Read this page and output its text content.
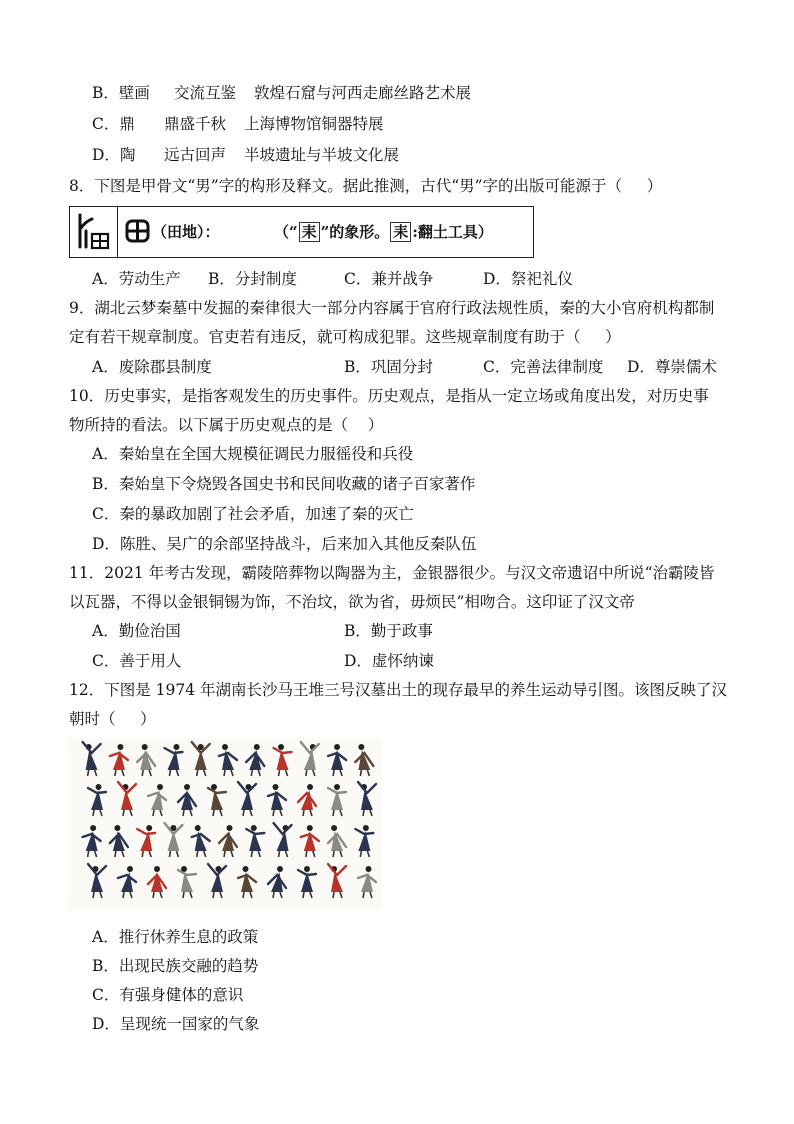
B．壁画 交流互鉴 敦煌石窟与河西走廊丝路艺术展
C．鼎 鼎盛千秋 上海博物馆铜器特展
D．陶 远古回声 半坡遗址与半坡文化展
8．下图是甲骨文“男”字的构形及释文。据此推测，古代“男”字的出版可能源于（     ）
（田地）：	（“ 耒 ”的象形。 耒 :翻土工具）
A．劳动生产 B．分封制度	C．兼并战争	D．祭祀礼仪
9．湖北云梦秦墓中发掘的秦律很大一部分内容属于官府行政法规性质，秦的大小官府机构都制
定有若干规章制度。官吏若有违反，就可构成犯罪。这些规章制度有助于（     ）
A．废除郡县制度	B．巩固分封	C．完善法律制度 D．尊崇儒术
10．历史事实，是指客观发生的历史事件。历史观点，是指从一定立场或角度出发，对历史事
物所持的看法。以下属于历史观点的是（    ）
A．秦始皇在全国大规模征调民力服徭役和兵役
B．秦始皇下令烧毁各国史书和民间收藏的诸子百家著作
C．秦的暴政加剧了社会矛盾，加速了秦的灭亡
D．陈胜、吴广的余部坚持战斗，后来加入其他反秦队伍
11．2021 年考古发现，霸陵陪葬物以陶器为主，金银器很少。与汉文帝遗诏中所说“治霸陵皆
以瓦器，不得以金银铜锡为饰，不治坟，欲为省，毋烦民”相吻合。这印证了汉文帝
A．勤俭治国	B．勤于政事
C．善于用人	D．虚怀纳谏
12．下图是 1974 年湖南长沙马王堆三号汉墓出土的现存最早的养生运动导引图。该图反映了汉
朝时（     ）
A．推行休养生息的政策
B．出现民族交融的趋势
C．有强身健体的意识
D．呈现统一国家的气象
